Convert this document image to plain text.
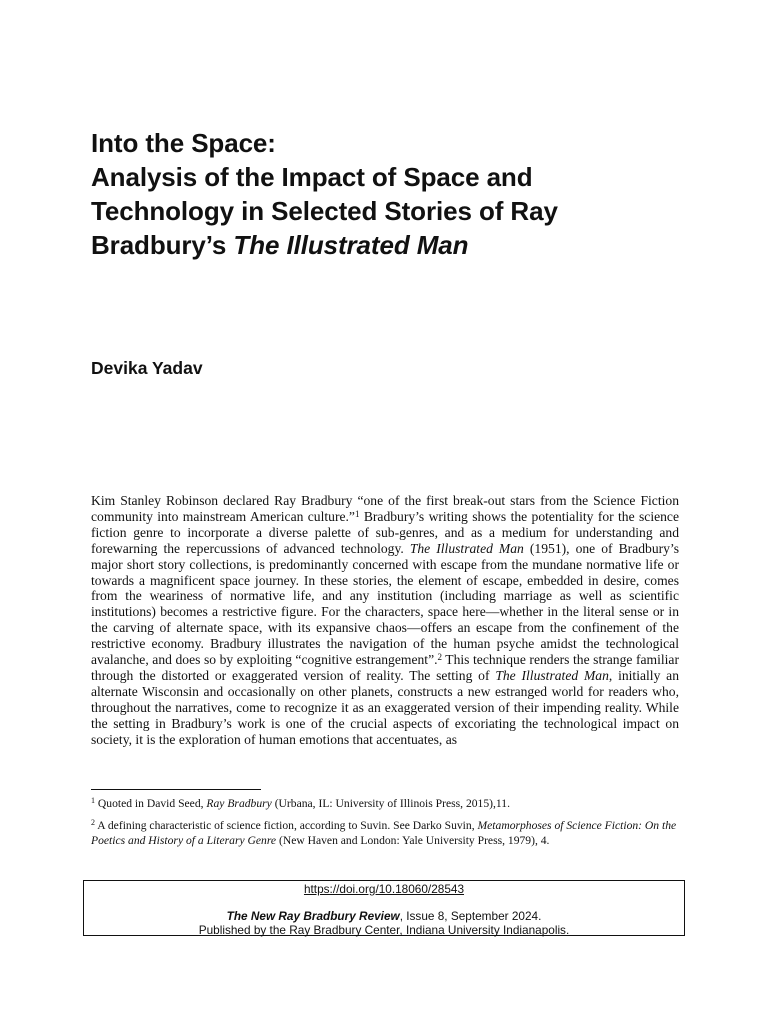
Into the Space:
Analysis of the Impact of Space and
Technology in Selected Stories of Ray
Bradbury’s The Illustrated Man
Devika Yadav

Kim Stanley Robinson declared Ray Bradbury “one of the first break-out stars from the Science Fiction community into mainstream American culture.”$^1$ Bradbury’s writing shows the potentiality for the science fiction genre to incorporate a diverse palette of sub-genres, and as a medium for understanding and forewarning the repercussions of advanced technology. The Illustrated Man (1951), one of Bradbury’s major short story collections, is predominantly concerned with escape from the mundane normative life or towards a magnificent space journey. In these stories, the element of escape, embedded in desire, comes from the weariness of normative life, and any institution (including marriage as well as scientific institutions) becomes a restrictive figure. For the characters, space here—whether in the literal sense or in the carving of alternate space, with its expansive chaos—offers an escape from the confinement of the restrictive economy. Bradbury illustrates the navigation of the human psyche amidst the technological avalanche, and does so by exploiting “cognitive estrangement”.$^2$ This technique renders the strange familiar through the distorted or exaggerated version of reality. The setting of The Illustrated Man, initially an alternate Wisconsin and occasionally on other planets, constructs a new estranged world for readers who, throughout the narratives, come to recognize it as an exaggerated version of their impending reality. While the setting in Bradbury’s work is one of the crucial aspects of excoriating the technological impact on society, it is the exploration of human emotions that accentuates, as

$^1$ Quoted in David Seed, Ray Bradbury (Urbana, IL: University of Illinois Press, 2015),11.

$^2$ A defining characteristic of science fiction, according to Suvin. See Darko Suvin, Metamorphoses of Science Fiction: On the Poetics and History of a Literary Genre (New Haven and London: Yale University Press, 1979), 4.

https://doi.org/10.18060/28543
The New Ray Bradbury Review, Issue 8, September 2024.
Published by the Ray Bradbury Center, Indiana University Indianapolis.
